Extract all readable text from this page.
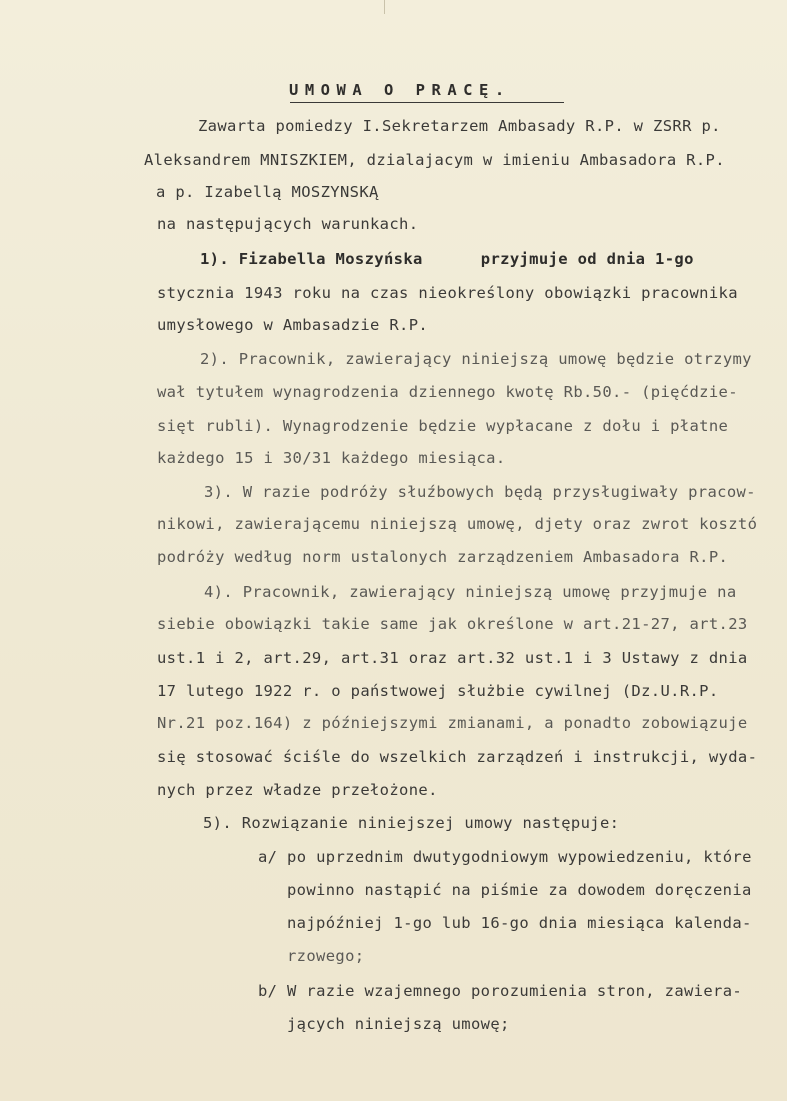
UMOWA O PRACĘ.
Zawarta pomiedzy I.Sekretarzem Ambasady R.P. w ZSRR p.
Aleksandrem MNISZKIEM, dzialajacym w imieniu Ambasadora R.P.
a p. Izabellą MOSZYNSKĄ
na następujących warunkach.
1). Fizabella Moszyńska      przyjmuje od dnia 1-go
stycznia 1943 roku na czas nieokreślony obowiązki pracownika
umysłowego w Ambasadzie R.P.
2). Pracownik, zawierający niniejszą umowę będzie otrzymy
wał tytułem wynagrodzenia dziennego kwotę Rb.50.- (pięćdzie-
sięt rubli). Wynagrodzenie będzie wypłacane z dołu i płatne
każdego 15 i 30/31 każdego miesiąca.
3). W razie podróży słuźbowych będą przysługiwały pracow-
nikowi, zawierającemu niniejszą umowę, djety oraz zwrot kosztó
podróży według norm ustalonych zarządzeniem Ambasadora R.P.
4). Pracownik, zawierający niniejszą umowę przyjmuje na
siebie obowiązki takie same jak określone w art.21-27, art.23
ust.1 i 2, art.29, art.31 oraz art.32 ust.1 i 3 Ustawy z dnia
17 lutego 1922 r. o państwowej służbie cywilnej (Dz.U.R.P.
Nr.21 poz.164) z późniejszymi zmianami, a ponadto zobowiązuje
się stosować ściśle do wszelkich zarządzeń i instrukcji, wyda-
nych przez władze przełożone.
5). Rozwiązanie niniejszej umowy następuje:
a/ po uprzednim dwutygodniowym wypowiedzeniu, które
powinno nastąpić na piśmie za dowodem doręczenia
najpóźniej 1-go lub 16-go dnia miesiąca kalenda-
rzowego;
b/ W razie wzajemnego porozumienia stron, zawiera-
jących niniejszą umowę;
